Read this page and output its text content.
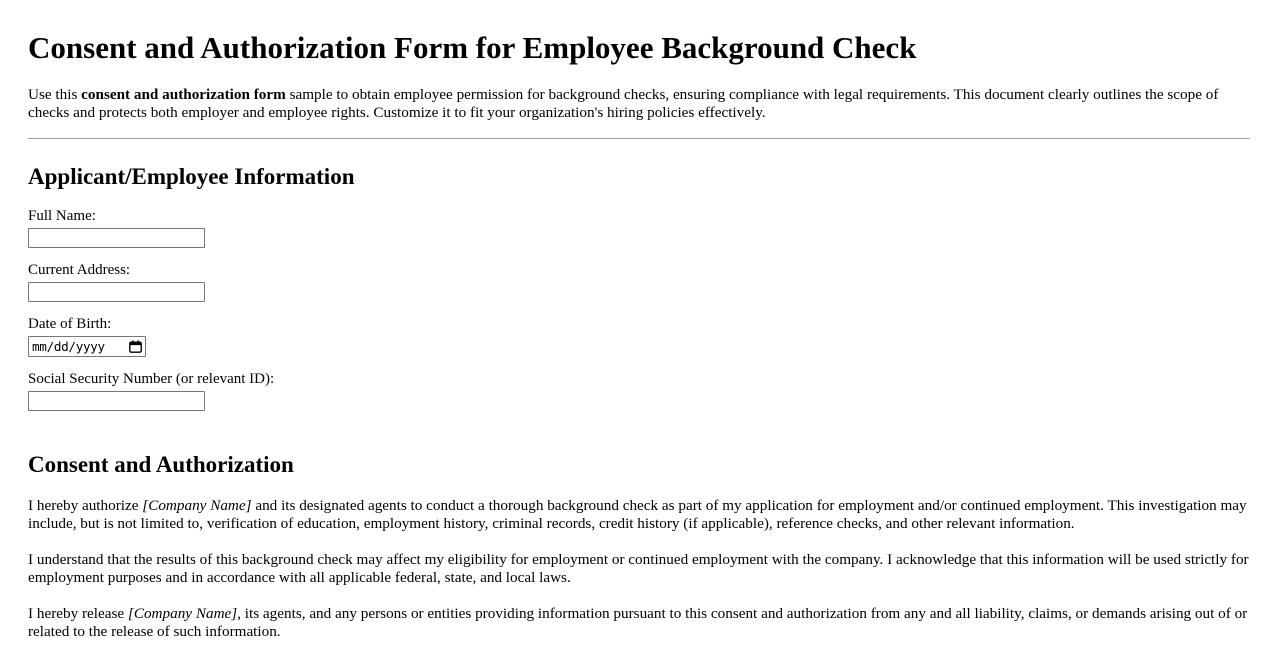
Consent and Authorization Form for Employee Background Check

Use this consent and authorization form sample to obtain employee permission for background checks, ensuring compliance with legal requirements. This document clearly outlines the scope of checks and protects both employer and employee rights. Customize it to fit your organization's hiring policies effectively.

Applicant/Employee Information
Full Name:
Current Address:
Date of Birth:
mm/dd/yyyy
Social Security Number (or relevant ID):
Consent and Authorization

I hereby authorize [Company Name] and its designated agents to conduct a thorough background check as part of my application for employment and/or continued employment. This investigation may include, but is not limited to, verification of education, employment history, criminal records, credit history (if applicable), reference checks, and other relevant information.

I understand that the results of this background check may affect my eligibility for employment or continued employment with the company. I acknowledge that this information will be used strictly for employment purposes and in accordance with all applicable federal, state, and local laws.

I hereby release [Company Name], its agents, and any persons or entities providing information pursuant to this consent and authorization from any and all liability, claims, or demands arising out of or related to the release of such information.
